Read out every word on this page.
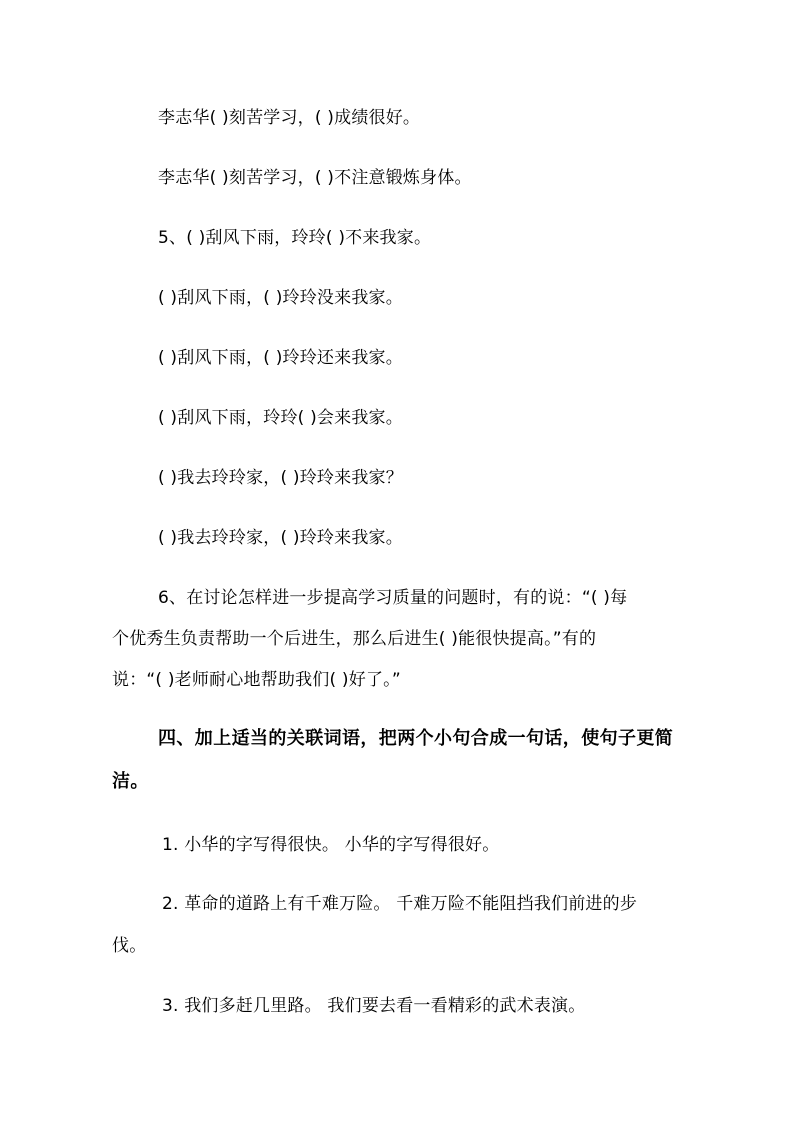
李志华( )刻苦学习，( )成绩很好。
李志华( )刻苦学习，( )不注意锻炼身体。
5、( )刮风下雨，玲玲( )不来我家。
( )刮风下雨，( )玲玲没来我家。
( )刮风下雨，( )玲玲还来我家。
( )刮风下雨，玲玲( )会来我家。
( )我去玲玲家，( )玲玲来我家？
( )我去玲玲家，( )玲玲来我家。
6、在讨论怎样进一步提高学习质量的问题时，有的说：“( )每
个优秀生负责帮助一个后进生，那么后进生( )能很快提高。”有的
说：“( )老师耐心地帮助我们( )好了。”
四、加上适当的关联词语，把两个小句合成一句话，使句子更简
洁。
1. 小华的字写得很快。 小华的字写得很好。
2. 革命的道路上有千难万险。 千难万险不能阻挡我们前进的步
伐。
3. 我们多赶几里路。 我们要去看一看精彩的武术表演。
